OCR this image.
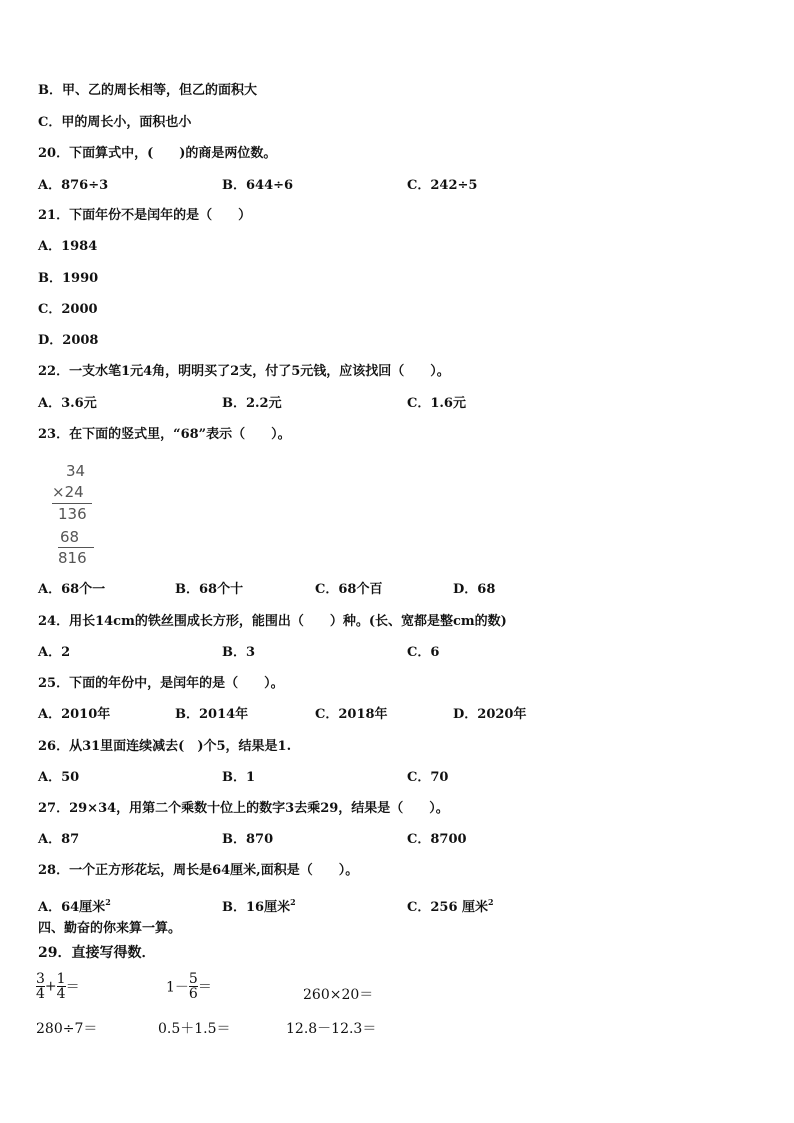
B．甲、乙的周长相等，但乙的面积大
C．甲的周长小，面积也小
20．下面算式中，(　　)的商是两位数。
A．876÷3	B．644÷6	C．242÷5
21．下面年份不是闰年的是（　　）
A．1984
B．1990
C．2000
D．2008
22．一支水笔1元4角，明明买了2支，付了5元钱，应该找回（　　）。
A．3.6元	B．2.2元	C．1.6元
23．在下面的竖式里，“68”表示（　　）。
34
×24
136
68
816
A．68个一	B．68个十	C．68个百	D．68
24．用长14cm的铁丝围成长方形，能围出（　　）种。(长、宽都是整cm的数)
A．2	B．3	C．6
25．下面的年份中，是闰年的是（　　）。
A．2010年	B．2014年	C．2018年	D．2020年
26．从31里面连续减去(　)个5，结果是1.
A．50	B．1	C．70
27．29×34，用第二个乘数十位上的数字3去乘29，结果是（　　）。
A．87	B．870	C．8700
28．一个正方形花坛，周长是64厘米,面积是（　　）。
A．64厘米$^2$	B．16厘米$^2$	C．256 厘米$^2$
四、勤奋的你来算一算。
29．直接写得数．
$\frac{3}{4} + \frac{1}{4}$ ＝	$1- \frac{5}{6}$ ＝	260×20＝
280÷7＝	0.5＋1.5＝	12.8－12.3＝
